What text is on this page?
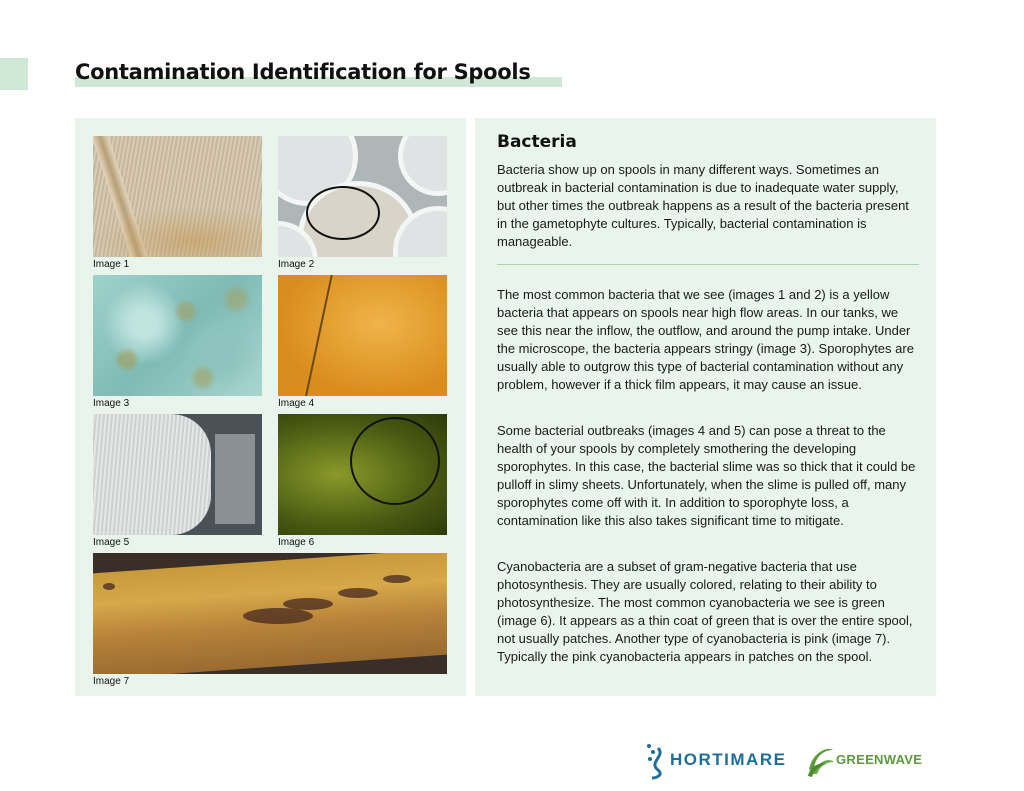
Contamination Identification for Spools
Image 1	Image 2
Image 3	Image 4
Image 5	Image 6
Image 7
Bacteria

Bacteria show up on spools in many different ways. Sometimes an outbreak in bacterial contamination is due to inadequate water supply, but other times the outbreak happens as a result of the bacteria present in the gametophyte cultures. Typically, bacterial contamination is manageable.

The most common bacteria that we see (images 1 and 2) is a yellow bacteria that appears on spools near high flow areas. In our tanks, we see this near the inflow, the outflow, and around the pump intake. Under the microscope, the bacteria appears stringy (image 3). Sporophytes are usually able to outgrow this type of bacterial contamination without any problem, however if a thick film appears, it may cause an issue.

Some bacterial outbreaks (images 4 and 5) can pose a threat to the health of your spools by completely smothering the developing sporophytes. In this case, the bacterial slime was so thick that it could be pulloff in slimy sheets. Unfortunately, when the slime is pulled off, many sporophytes come off with it. In addition to sporophyte loss, a contamination like this also takes significant time to mitigate.

Cyanobacteria are a subset of gram-negative bacteria that use photosynthesis. They are usually colored, relating to their ability to photosynthesize. The most common cyanobacteria we see is green (image 6). It appears as a thin coat of green that is over the entire spool, not usually patches. Another type of cyanobacteria is pink (image 7). Typically the pink cyanobacteria appears in patches on the spool.

HORTIMARE	GREENWAVE
